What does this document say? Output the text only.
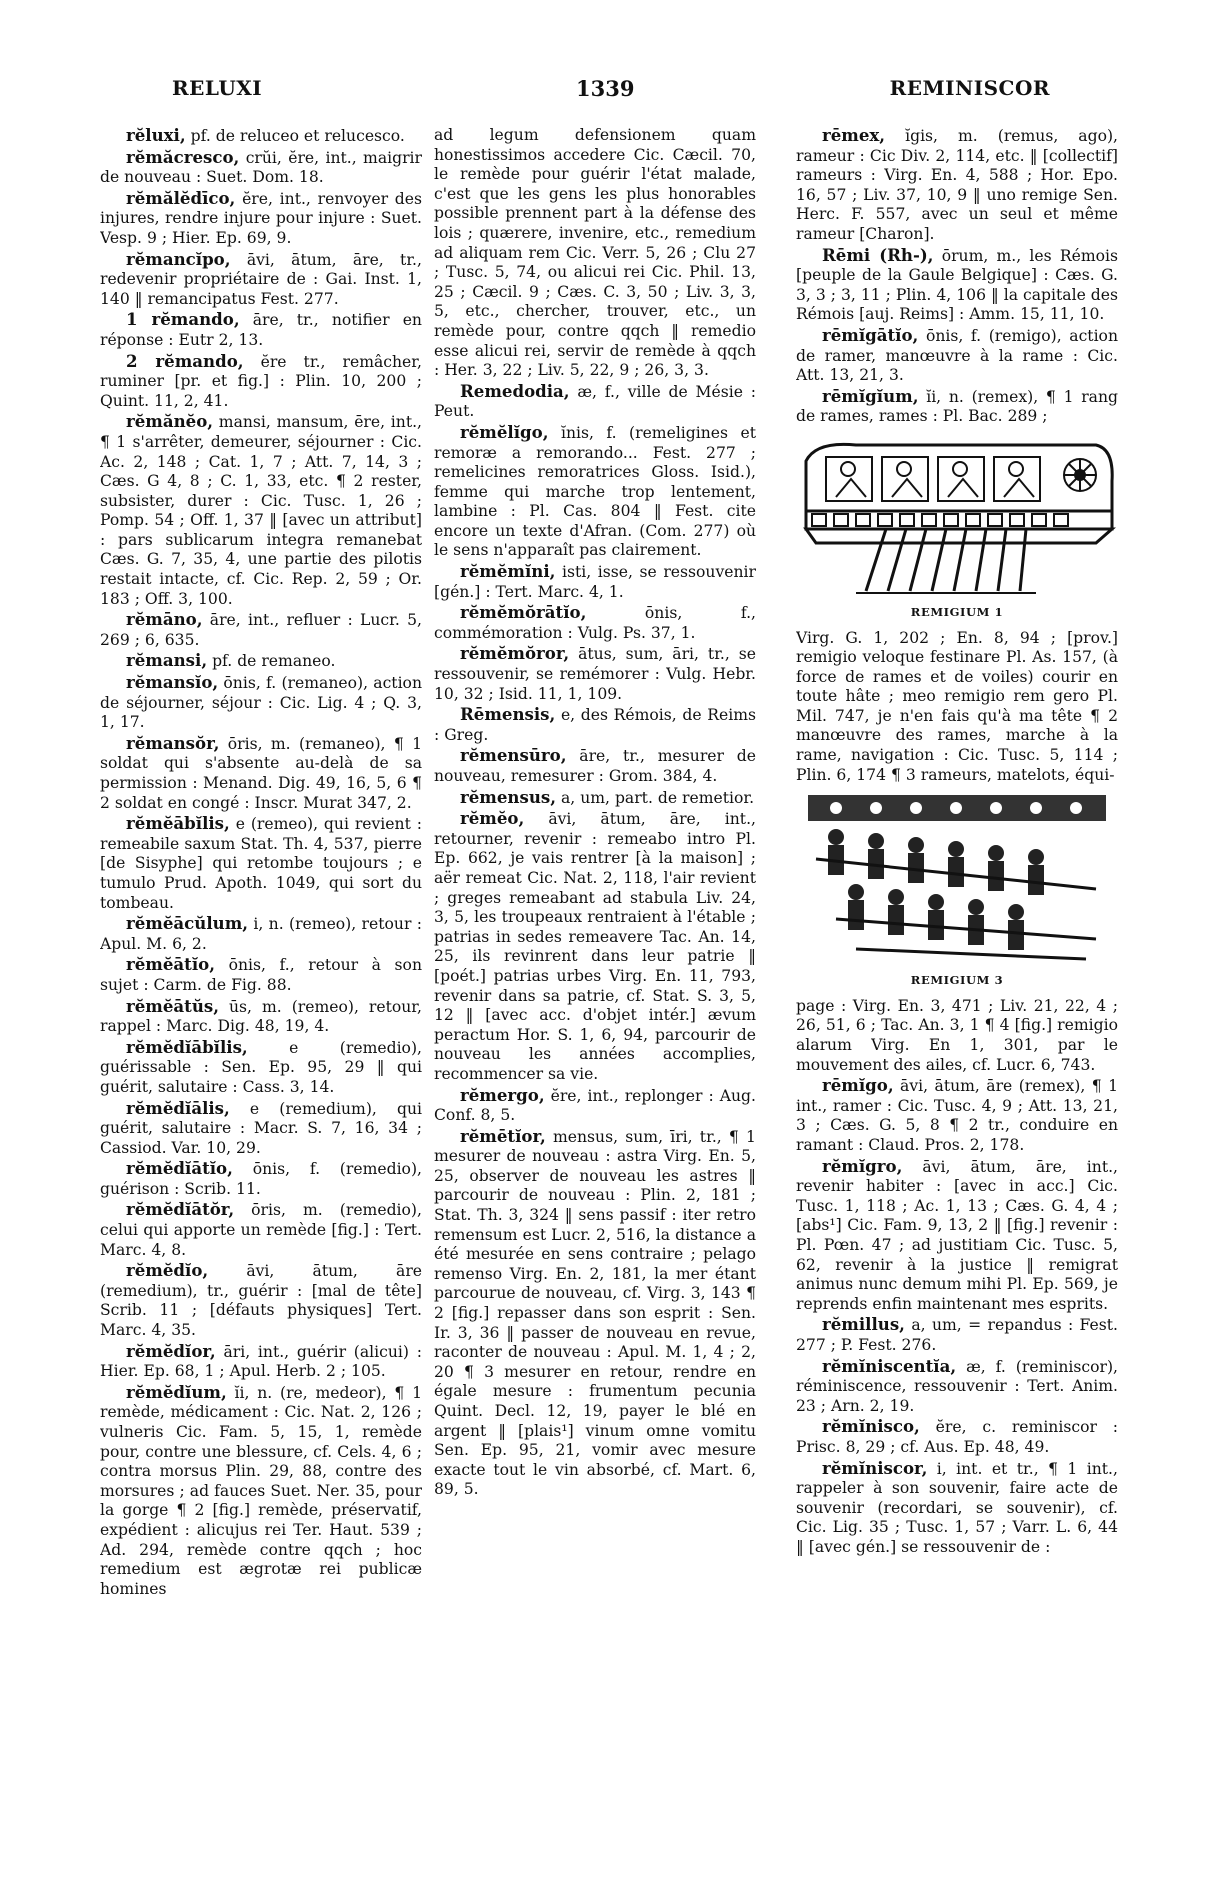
RELUXI	1339	REMINISCOR

rĕluxi, pf. de reluceo et relucesco.

rĕmăcresco, crŭi, ĕre, int., maigrir de nouveau : Suet. Dom. 18.

rĕmălĕdīco, ĕre, int., renvoyer des injures, rendre injure pour injure : Suet. Vesp. 9 ; Hier. Ep. 69, 9.

rĕmancĭpo, āvi, ātum, āre, tr., redevenir propriétaire de : Gai. Inst. 1, 140 ‖ remancipatus Fest. 277.

1 rĕmando, āre, tr., notifier en réponse : Eutr 2, 13.

2 rĕmando, ĕre tr., remâcher, ruminer [pr. et fig.] : Plin. 10, 200 ; Quint. 11, 2, 41.

rĕmănĕo, mansi, mansum, ēre, int., ¶ 1 s'arrêter, demeurer, séjourner : Cic. Ac. 2, 148 ; Cat. 1, 7 ; Att. 7, 14, 3 ; Cæs. G 4, 8 ; C. 1, 33, etc. ¶ 2 rester, subsister, durer : Cic. Tusc. 1, 26 ; Pomp. 54 ; Off. 1, 37 ‖ [avec un attribut] : pars sublicarum integra remanebat Cæs. G. 7, 35, 4, une partie des pilotis restait intacte, cf. Cic. Rep. 2, 59 ; Or. 183 ; Off. 3, 100.

rĕmāno, āre, int., refluer : Lucr. 5, 269 ; 6, 635.

rĕmansi, pf. de remaneo.

rĕmansĭo, ōnis, f. (remaneo), action de séjourner, séjour : Cic. Lig. 4 ; Q. 3, 1, 17.

rĕmansŏr, ōris, m. (remaneo), ¶ 1 soldat qui s'absente au-delà de sa permission : Menand. Dig. 49, 16, 5, 6 ¶ 2 soldat en congé : Inscr. Murat 347, 2.

rĕmĕābĭlis, e (remeo), qui revient : remeabile saxum Stat. Th. 4, 537, pierre [de Sisyphe] qui retombe toujours ; e tumulo Prud. Apoth. 1049, qui sort du tombeau.

rĕmĕācŭlum, i, n. (remeo), retour : Apul. M. 6, 2.

rĕmĕātĭo, ōnis, f., retour à son sujet : Carm. de Fig. 88.

rĕmĕātŭs, ūs, m. (remeo), retour, rappel : Marc. Dig. 48, 19, 4.

rĕmĕdĭābĭlis,	e (remedio), guérissable : Sen. Ep. 95, 29 ‖ qui guérit, salutaire : Cass. 3, 14.

rĕmĕdĭālis, e (remedium), qui guérit, salutaire : Macr. S. 7, 16, 34 ; Cassiod. Var. 10, 29.

rĕmĕdĭātĭo, ōnis, f. (remedio), guérison : Scrib. 11.

rĕmĕdĭātŏr, ōris, m. (remedio), celui qui apporte un remède [fig.] : Tert. Marc. 4, 8.

rĕmĕdĭo, āvi, ātum, āre (remedium), tr., guérir : [mal de tête] Scrib. 11 ; [défauts physiques] Tert. Marc. 4, 35.

rĕmĕdĭor, āri, int., guérir (alicui) : Hier. Ep. 68, 1 ; Apul. Herb. 2 ; 105.

rĕmĕdĭum, ĭi, n. (re, medeor), ¶ 1 remède, médicament : Cic. Nat. 2, 126 ; vulneris Cic. Fam. 5, 15, 1, remède pour, contre une blessure, cf. Cels. 4, 6 ; contra morsus Plin. 29, 88, contre des morsures ; ad fauces Suet. Ner. 35, pour la gorge ¶ 2 [fig.] remède, préservatif, expédient : alicujus rei Ter. Haut. 539 ; Ad. 294, remède contre qqch ; hoc remedium est ægrotæ rei publicæ homines

ad legum defensionem quam honestissimos accedere Cic. Cæcil. 70, le remède pour guérir l'état malade, c'est que les gens les plus honorables possible prennent part à la défense des lois ; quærere, invenire, etc., remedium ad aliquam rem Cic. Verr. 5, 26 ; Clu 27 ; Tusc. 5, 74, ou alicui rei Cic. Phil. 13, 25 ; Cæcil. 9 ; Cæs. C. 3, 50 ; Liv. 3, 3, 5, etc., chercher, trouver, etc., un remède pour, contre qqch ‖ remedio esse alicui rei, servir de remède à qqch : Her. 3, 22 ; Liv. 5, 22, 9 ; 26, 3, 3.

Remedodia, æ, f., ville de Mésie : Peut.

rĕmĕlĭgo, ĭnis, f. (remeligines et remoræ a remorando... Fest. 277 ; remelicines remoratrices Gloss. Isid.), femme qui marche trop lentement, lambine : Pl. Cas. 804 ‖ Fest. cite encore un texte d'Afran. (Com. 277) où le sens n'apparaît pas clairement.

rĕmĕmĭni, isti, isse, se ressouvenir [gén.] : Tert. Marc. 4, 1.

rĕmĕmŏrātĭo,	ōnis, f., commémoration : Vulg. Ps. 37, 1.

rĕmĕmŏror, ātus, sum, āri, tr., se ressouvenir, se remémorer : Vulg. Hebr. 10, 32 ; Isid. 11, 1, 109.

Rēmensis, e, des Rémois, de Reims : Greg.

rĕmensūro, āre, tr., mesurer de nouveau, remesurer : Grom. 384, 4.

rĕmensus, a, um, part. de remetior.

rĕmĕo, āvi, ātum, āre, int., retourner, revenir : remeabo intro Pl. Ep. 662, je vais rentrer [à la maison] ; aër remeat Cic. Nat. 2, 118, l'air revient ; greges remeabant ad stabula Liv. 24, 3, 5, les troupeaux rentraient à l'étable ; patrias in sedes remeavere Tac. An. 14, 25, ils revinrent dans leur patrie ‖ [poét.] patrias urbes Virg. En. 11, 793, revenir dans sa patrie, cf. Stat. S. 3, 5, 12 ‖ [avec acc. d'objet intér.] ævum peractum Hor. S. 1, 6, 94, parcourir de nouveau les années accomplies, recommencer sa vie.

rĕmergo, ĕre, int., replonger : Aug. Conf. 8, 5.

rĕmētĭor, mensus, sum, īri, tr., ¶ 1 mesurer de nouveau : astra Virg. En. 5, 25, observer de nouveau les astres ‖ parcourir de nouveau : Plin. 2, 181 ; Stat. Th. 3, 324 ‖ sens passif : iter retro remensum est Lucr. 2, 516, la distance a été mesurée en sens contraire ; pelago remenso Virg. En. 2, 181, la mer étant parcourue de nouveau, cf. Virg. 3, 143 ¶ 2 [fig.] repasser dans son esprit : Sen. Ir. 3, 36 ‖ passer de nouveau en revue, raconter de nouveau : Apul. M. 1, 4 ; 2, 20 ¶ 3 mesurer en retour, rendre en égale mesure : frumentum pecunia Quint. Decl. 12, 19, payer le blé en argent ‖ [plais¹] vinum omne vomitu Sen. Ep. 95, 21, vomir avec mesure exacte tout le vin absorbé, cf. Mart. 6, 89, 5.

rēmex, ĭgis, m. (remus, ago), rameur : Cic Div. 2, 114, etc. ‖ [collectif] rameurs : Virg. En. 4, 588 ; Hor. Epo. 16, 57 ; Liv. 37, 10, 9 ‖ uno remige Sen. Herc. F. 557, avec un seul et même rameur [Charon].

Rēmi (Rh-), ōrum, m., les Rémois [peuple de la Gaule Belgique] : Cæs. G. 3, 3 ; 3, 11 ; Plin. 4, 106 ‖ la capitale des Rémois [auj. Reims] : Amm. 15, 11, 10.

rēmĭgātĭo, ōnis, f. (remigo), action de ramer, manœuvre à la rame : Cic. Att. 13, 21, 3.

rēmĭgĭum, ĭi, n. (remex), ¶ 1 rang de rames, rames : Pl. Bac. 289 ;

REMIGIUM 1

Virg. G. 1, 202 ; En. 8, 94 ; [prov.] remigio veloque festinare Pl. As. 157, (à force de rames et de voiles) courir en toute hâte ; meo remigio rem gero Pl. Mil. 747, je n'en fais qu'à ma tête ¶ 2 manœuvre des rames, marche à la rame, navigation : Cic. Tusc. 5, 114 ; Plin. 6, 174 ¶ 3 rameurs, matelots, équi-

REMIGIUM 3

page : Virg. En. 3, 471 ; Liv. 21, 22, 4 ; 26, 51, 6 ; Tac. An. 3, 1 ¶ 4 [fig.] remigio alarum Virg. En 1, 301, par le mouvement des ailes, cf. Lucr. 6, 743.

rēmĭgo, āvi, ātum, āre (remex), ¶ 1 int., ramer : Cic. Tusc. 4, 9 ; Att. 13, 21, 3 ; Cæs. G. 5, 8 ¶ 2 tr., conduire en ramant : Claud. Pros. 2, 178.

rĕmĭgro, āvi, ātum, āre, int., revenir habiter : [avec in acc.] Cic. Tusc. 1, 118 ; Ac. 1, 13 ; Cæs. G. 4, 4 ; [abs¹] Cic. Fam. 9, 13, 2 ‖ [fig.] revenir : Pl. Pœn. 47 ; ad justitiam Cic. Tusc. 5, 62, revenir à la justice ‖ remigrat animus nunc demum mihi Pl. Ep. 569, je reprends enfin maintenant mes esprits.

rĕmillus, a, um, = repandus : Fest. 277 ; P. Fest. 276.

rĕmĭniscentĭa, æ, f. (reminiscor), réminiscence, ressouvenir : Tert. Anim. 23 ; Arn. 2, 19.

rĕmĭnisco, ĕre, c. reminiscor : Prisc. 8, 29 ; cf. Aus. Ep. 48, 49.

rĕmĭniscor, i, int. et tr., ¶ 1 int., rappeler à son souvenir, faire acte de souvenir (recordari, se souvenir), cf. Cic. Lig. 35 ; Tusc. 1, 57 ; Varr. L. 6, 44 ‖ [avec gén.] se ressouvenir de :
